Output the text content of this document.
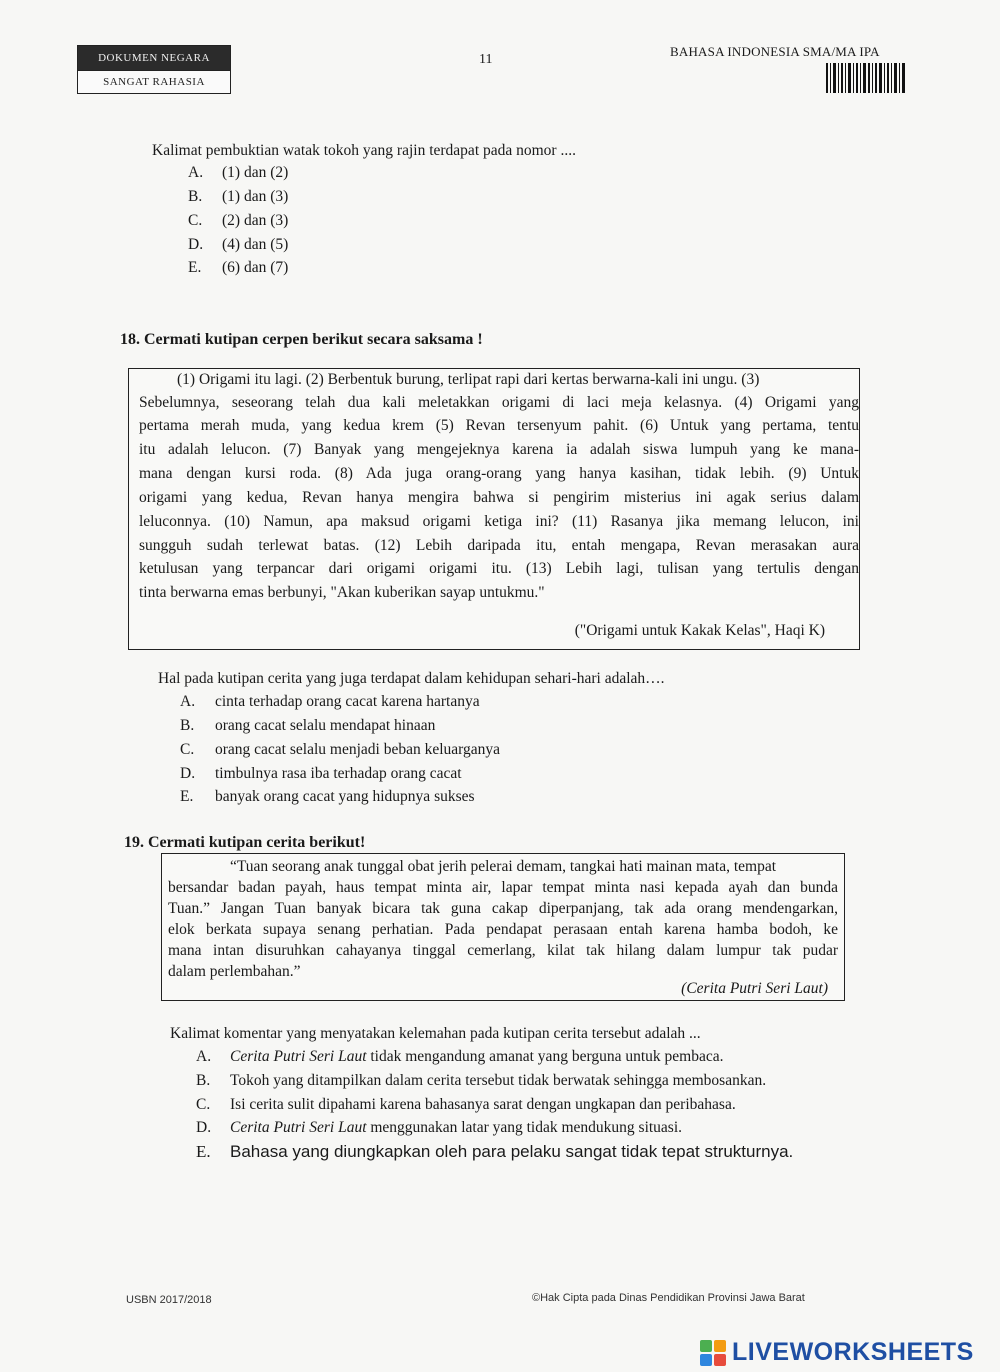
DOKUMEN NEGARA
SANGAT RAHASIA
11
BAHASA INDONESIA SMA/MA IPA
Kalimat pembuktian watak tokoh yang rajin terdapat pada nomor ....
A. (1) dan (2)
B. (1) dan (3)
C. (2) dan (3)
D. (4) dan (5)
E. (6) dan (7)
18. Cermati kutipan cerpen berikut secara saksama !
(1) Origami itu lagi. (2) Berbentuk burung, terlipat rapi dari kertas berwarna-kali ini ungu. (3)
Sebelumnya, seseorang telah dua kali meletakkan origami di laci meja kelasnya. (4) Origami yang
pertama merah muda, yang kedua krem (5) Revan tersenyum pahit. (6) Untuk yang pertama, tentu
itu adalah lelucon. (7) Banyak yang mengejeknya karena ia adalah siswa lumpuh yang ke mana-
mana dengan kursi roda. (8) Ada juga orang-orang yang hanya kasihan, tidak lebih. (9) Untuk
origami yang kedua, Revan hanya mengira bahwa si pengirim misterius ini agak serius dalam
leluconnya. (10) Namun, apa maksud origami ketiga ini? (11) Rasanya jika memang lelucon, ini
sungguh sudah terlewat batas. (12) Lebih daripada itu, entah mengapa, Revan merasakan aura
ketulusan yang terpancar dari origami origami itu. (13) Lebih lagi, tulisan yang tertulis dengan
tinta berwarna emas berbunyi, "Akan kuberikan sayap untukmu."
("Origami untuk Kakak Kelas", Haqi K)
Hal pada kutipan cerita yang juga terdapat dalam kehidupan sehari-hari adalah….
A. cinta terhadap orang cacat karena hartanya
B. orang cacat selalu mendapat hinaan
C. orang cacat selalu menjadi beban keluarganya
D. timbulnya rasa iba terhadap orang cacat
E. banyak orang cacat yang hidupnya sukses
19. Cermati kutipan cerita berikut!
“Tuan seorang anak tunggal obat jerih pelerai demam, tangkai hati mainan mata, tempat
bersandar badan payah, haus tempat minta air, lapar tempat minta nasi kepada ayah dan bunda
Tuan.” Jangan Tuan banyak bicara tak guna cakap diperpanjang, tak ada orang mendengarkan,
elok berkata supaya senang perhatian. Pada pendapat perasaan entah karena hamba bodoh, ke
mana intan disuruhkan cahayanya tinggal cemerlang, kilat tak hilang dalam lumpur tak pudar
dalam perlembahan.”
(Cerita Putri Seri Laut)
Kalimat komentar yang menyatakan kelemahan pada kutipan cerita tersebut adalah ...
A. Cerita Putri Seri Laut tidak mengandung amanat yang berguna untuk pembaca.
B. Tokoh yang ditampilkan dalam cerita tersebut tidak berwatak sehingga membosankan.
C. Isi cerita sulit dipahami karena bahasanya sarat dengan ungkapan dan peribahasa.
D. Cerita Putri Seri Laut menggunakan latar yang tidak mendukung situasi.
E. Bahasa yang diungkapkan oleh para pelaku sangat tidak tepat strukturnya.
USBN 2017/2018	©Hak Cipta pada Dinas Pendidikan Provinsi Jawa Barat
LIVEWORKSHEETS
